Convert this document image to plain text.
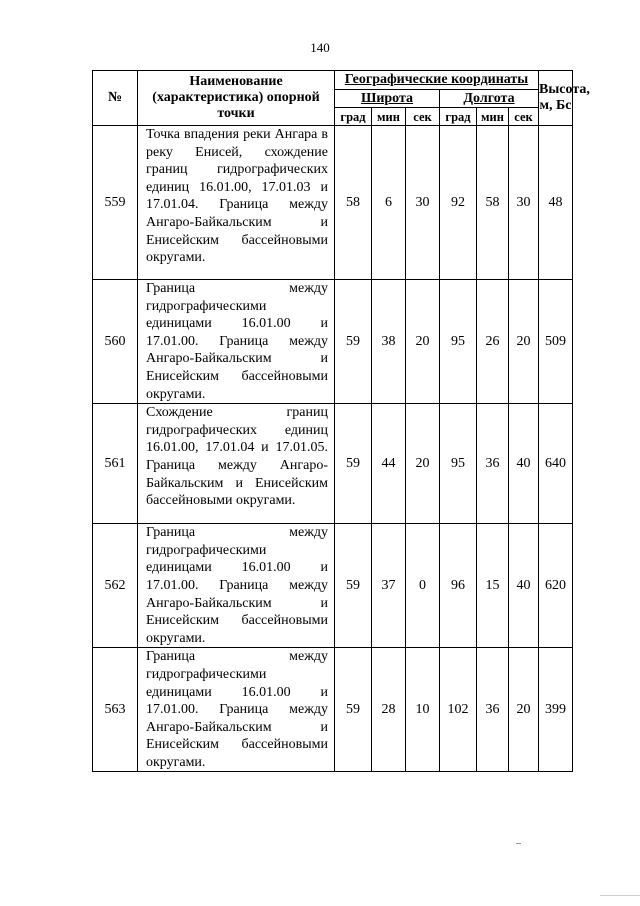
140
№	Наименование (характеристика) опорной точки	Географические координаты						Высота, м, Бс
		Широта			Долгота			
		град	мин	сек	град	мин	сек	
559	Точка впадения реки Ангара в реку Енисей, схождение границ гидрографических единиц 16.01.00, 17.01.03 и 17.01.04. Граница между Ангаро-Байкальским и Енисейским бассейновыми округами.	58	6	30	92	58	30	48
560	Граница между гидрографическими единицами 16.01.00 и 17.01.00. Граница между Ангаро-Байкальским и Енисейским бассейновыми округами.	59	38	20	95	26	20	509
561	Схождение границ гидрографических единиц 16.01.00, 17.01.04 и 17.01.05. Граница между Ангаро-Байкальским и Енисейским бассейновыми округами.	59	44	20	95	36	40	640
562	Граница между гидрографическими единицами 16.01.00 и 17.01.00. Граница между Ангаро-Байкальским и Енисейским бассейновыми округами.	59	37	0	96	15	40	620
563	Граница между гидрографическими единицами 16.01.00 и 17.01.00. Граница между Ангаро-Байкальским и Енисейским бассейновыми округами.	59	28	10	102	36	20	399
